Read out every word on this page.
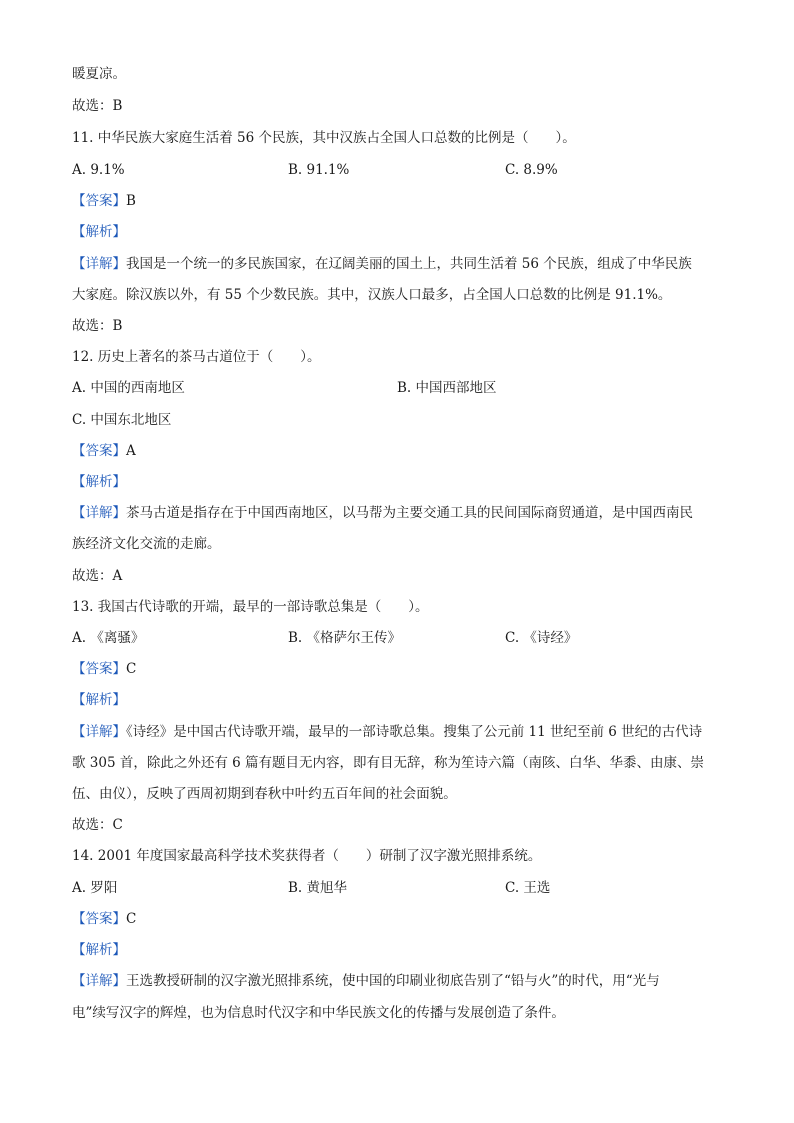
暖夏凉。
故选：B
11. 中华民族大家庭生活着 56 个民族，其中汉族占全国人口总数的比例是（　　）。
A. 9.1%	B. 91.1%	C. 8.9%
【答案】B
【解析】
【详解】我国是一个统一的多民族国家，在辽阔美丽的国土上，共同生活着 56 个民族，组成了中华民族
大家庭。除汉族以外，有 55 个少数民族。其中，汉族人口最多，占全国人口总数的比例是 91.1%。
故选：B
12. 历史上著名的茶马古道位于（　　）。
A. 中国的西南地区	B. 中国西部地区
C. 中国东北地区
【答案】A
【解析】
【详解】茶马古道是指存在于中国西南地区，以马帮为主要交通工具的民间国际商贸通道，是中国西南民
族经济文化交流的走廊。
故选：A
13. 我国古代诗歌的开端，最早的一部诗歌总集是（　　）。
A. 《离骚》	B. 《格萨尔王传》	C. 《诗经》
【答案】C
【解析】
【详解】《诗经》是中国古代诗歌开端，最早的一部诗歌总集。搜集了公元前 11 世纪至前 6 世纪的古代诗
歌 305 首，除此之外还有 6 篇有题目无内容，即有目无辞，称为笙诗六篇（南陔、白华、华黍、由康、崇
伍、由仪），反映了西周初期到春秋中叶约五百年间的社会面貌。
故选：C
14. 2001 年度国家最高科学技术奖获得者（　　）研制了汉字激光照排系统。
A. 罗阳	B. 黄旭华	C. 王选
【答案】C
【解析】
【详解】王选教授研制的汉字激光照排系统，使中国的印刷业彻底告别了“铅与火”的时代，用“光与
电”续写汉字的辉煌，也为信息时代汉字和中华民族文化的传播与发展创造了条件。
